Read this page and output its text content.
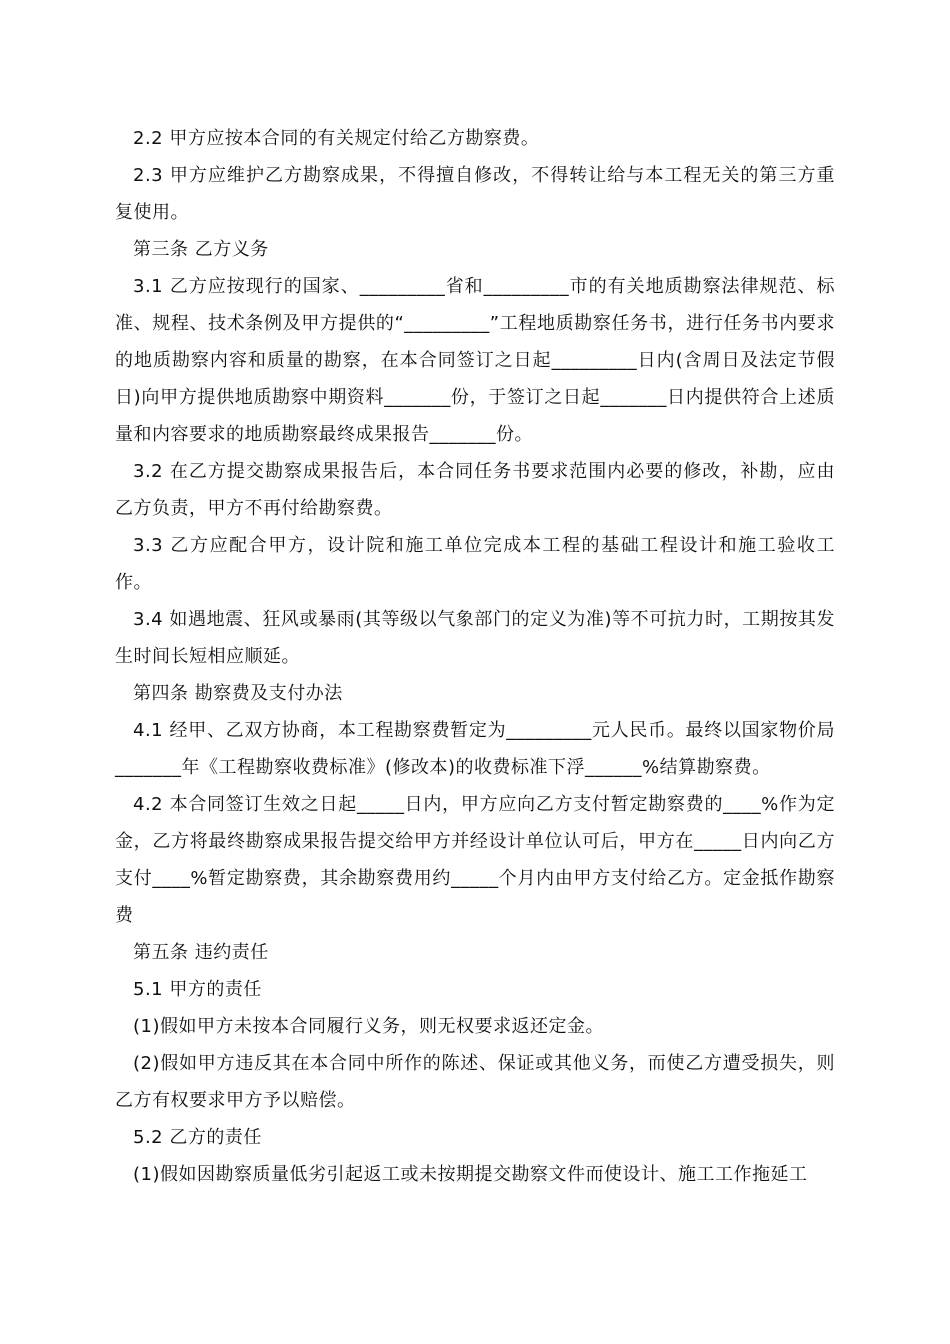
2.2 甲方应按本合同的有关规定付给乙方勘察费。

2.3 甲方应维护乙方勘察成果，不得擅自修改，不得转让给与本工程无关的第三方重复使用。

第三条 乙方义务

3.1 乙方应按现行的国家、_________省和_________市的有关地质勘察法律规范、标准、规程、技术条例及甲方提供的“_________”工程地质勘察任务书，进行任务书内要求的地质勘察内容和质量的勘察，在本合同签订之日起_________日内(含周日及法定节假日)向甲方提供地质勘察中期资料_______份，于签订之日起_______日内提供符合上述质量和内容要求的地质勘察最终成果报告_______份。

3.2 在乙方提交勘察成果报告后，本合同任务书要求范围内必要的修改，补勘，应由乙方负责，甲方不再付给勘察费。

3.3 乙方应配合甲方，设计院和施工单位完成本工程的基础工程设计和施工验收工作。

3.4 如遇地震、狂风或暴雨(其等级以气象部门的定义为准)等不可抗力时，工期按其发生时间长短相应顺延。

第四条 勘察费及支付办法

4.1 经甲、乙双方协商，本工程勘察费暂定为_________元人民币。最终以国家物价局_______年《工程勘察收费标准》(修改本)的收费标准下浮______%结算勘察费。

4.2 本合同签订生效之日起_____日内，甲方应向乙方支付暂定勘察费的____%作为定金，乙方将最终勘察成果报告提交给甲方并经设计单位认可后，甲方在_____日内向乙方支付____%暂定勘察费，其余勘察费用约_____个月内由甲方支付给乙方。定金抵作勘察费

第五条 违约责任

5.1 甲方的责任

(1)假如甲方未按本合同履行义务，则无权要求返还定金。

(2)假如甲方违反其在本合同中所作的陈述、保证或其他义务，而使乙方遭受损失，则乙方有权要求甲方予以赔偿。

5.2 乙方的责任

(1)假如因勘察质量低劣引起返工或未按期提交勘察文件而使设计、施工工作拖延工
